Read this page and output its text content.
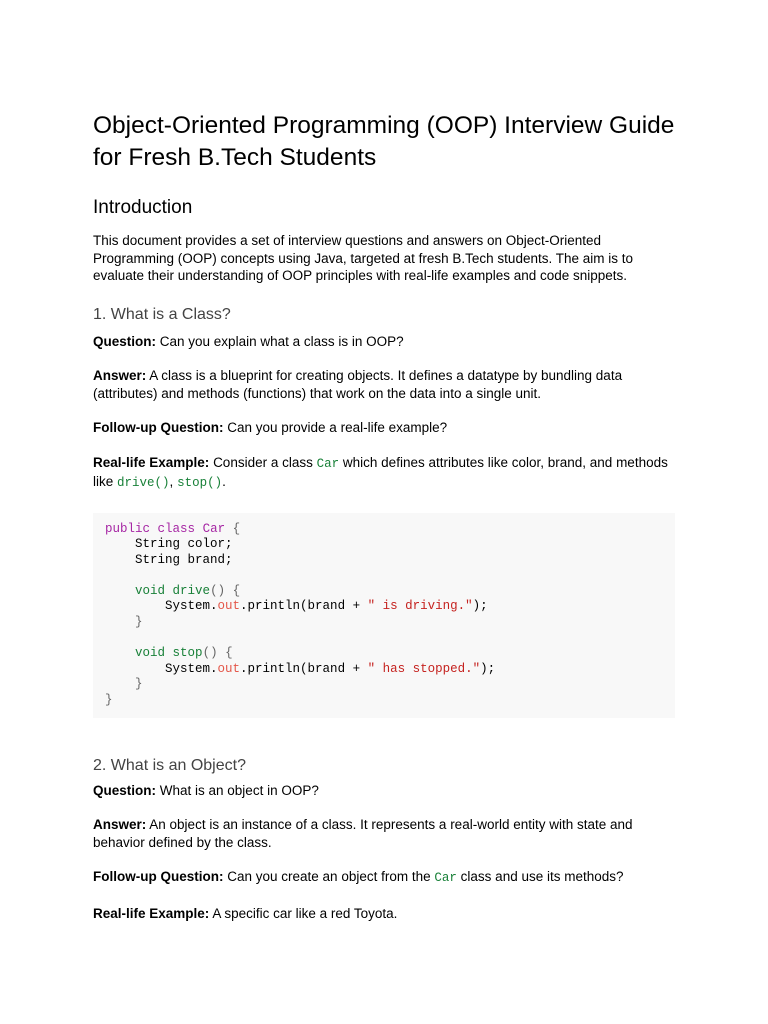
Object-Oriented Programming (OOP) Interview Guide for Fresh B.Tech Students
Introduction

This document provides a set of interview questions and answers on Object-Oriented Programming (OOP) concepts using Java, targeted at fresh B.Tech students. The aim is to evaluate their understanding of OOP principles with real-life examples and code snippets.

1. What is a Class?

Question: Can you explain what a class is in OOP?

Answer: A class is a blueprint for creating objects. It defines a datatype by bundling data (attributes) and methods (functions) that work on the data into a single unit.

Follow-up Question: Can you provide a real-life example?

Real-life Example: Consider a class Car which defines attributes like color, brand, and methods like drive(), stop().

public class Car {
String color;
String brand;

void drive() {
System.out.println(brand + " is driving.");
}

void stop() {
System.out.println(brand + " has stopped.");
}
}
2. What is an Object?

Question: What is an object in OOP?

Answer: An object is an instance of a class. It represents a real-world entity with state and behavior defined by the class.

Follow-up Question: Can you create an object from the Car class and use its methods?

Real-life Example: A specific car like a red Toyota.
